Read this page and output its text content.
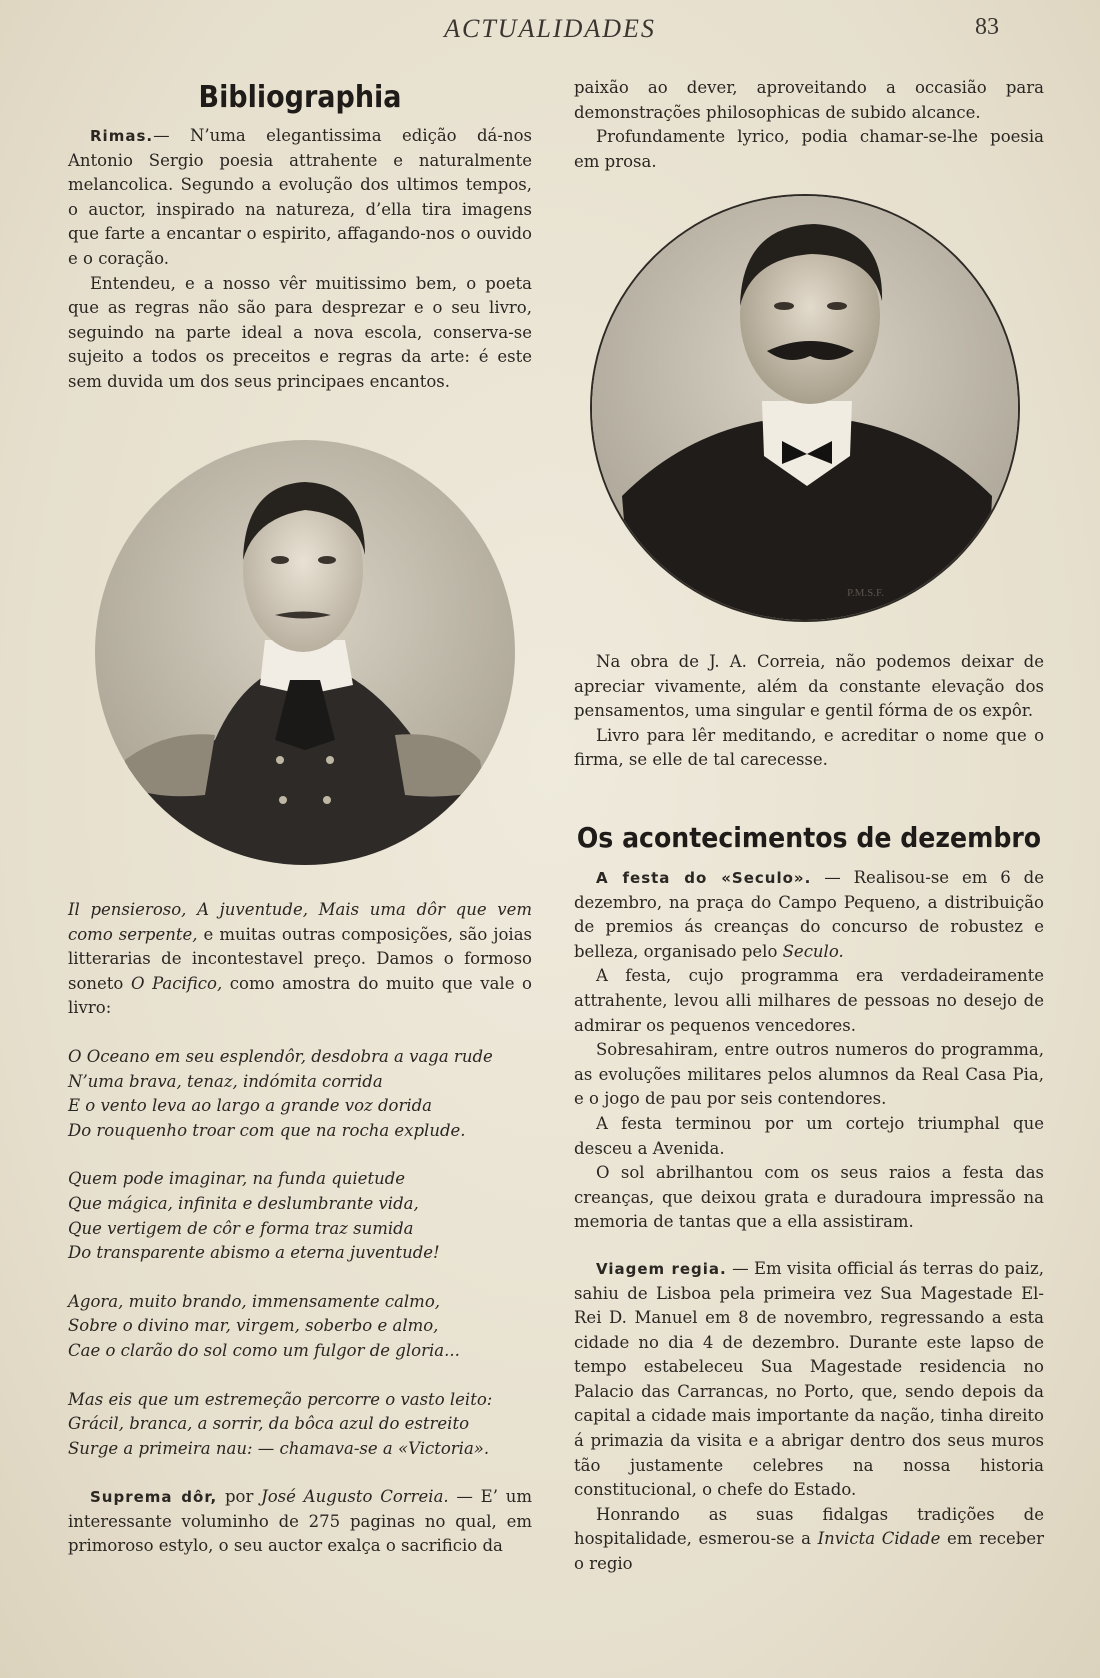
ACTUALIDADES	83
Bibliographia

Rimas.— N’uma elegantissima edição dá-nos Antonio Sergio poesia attrahente e naturalmente melancolica. Segundo a evolução dos ultimos tempos, o auctor, inspirado na natureza, d’ella tira imagens que farte a encantar o espirito, affagando-nos o ouvido e o coração.

Entendeu, e a nosso vêr muitissimo bem, o poeta que as regras não são para desprezar e o seu livro, seguindo na parte ideal a nova escola, conserva-se sujeito a todos os preceitos e regras da arte: é este sem duvida um dos seus principaes encantos.

Il pensieroso, A juventude, Mais uma dôr que vem como serpente, e muitas outras composições, são joias litterarias de incontestavel preço. Damos o formoso soneto O Pacifico, como amostra do muito que vale o livro:

O Oceano em seu esplendôr, desdobra a vaga rude
N’uma brava, tenaz, indómita corrida
E o vento leva ao largo a grande voz dorida
Do rouquenho troar com que na rocha explude.
Quem pode imaginar, na funda quietude
Que mágica, infinita e deslumbrante vida,
Que vertigem de côr e forma traz sumida
Do transparente abismo a eterna juventude!
Agora, muito brando, immensamente calmo,
Sobre o divino mar, virgem, soberbo e almo,
Cae o clarão do sol como um fulgor de gloria...
Mas eis que um estremeção percorre o vasto leito:
Grácil, branca, a sorrir, da bôca azul do estreito
Surge a primeira nau: — chamava-se a «Victoria».

Suprema dôr, por José Augusto Correia. — E’ um interessante voluminho de 275 paginas no qual, em primoroso estylo, o seu auctor exalça o sacrificio da

paixão ao dever, aproveitando a occasião para demonstrações philosophicas de subido alcance.

Profundamente lyrico, podia chamar-se-lhe poesia em prosa.

P.M.S.F.

Na obra de J. A. Correia, não podemos deixar de apreciar vivamente, além da constante elevação dos pensamentos, uma singular e gentil fórma de os expôr.

Livro para lêr meditando, e acreditar o nome que o firma, se elle de tal carecesse.

Os acontecimentos de dezembro

A festa do «Seculo». — Realisou-se em 6 de dezembro, na praça do Campo Pequeno, a distribuição de premios ás creanças do concurso de robustez e belleza, organisado pelo Seculo.

A festa, cujo programma era verdadeiramente attrahente, levou alli milhares de pessoas no desejo de admirar os pequenos vencedores.

Sobresahiram, entre outros numeros do programma, as evoluções militares pelos alumnos da Real Casa Pia, e o jogo de pau por seis contendores.

A festa terminou por um cortejo triumphal que desceu a Avenida.

O sol abrilhantou com os seus raios a festa das creanças, que deixou grata e duradoura impressão na memoria de tantas que a ella assistiram.

Viagem regia. — Em visita official ás terras do paiz, sahiu de Lisboa pela primeira vez Sua Magestade El-Rei D. Manuel em 8 de novembro, regressando a esta cidade no dia 4 de dezembro. Durante este lapso de tempo estabeleceu Sua Magestade residencia no Palacio das Carrancas, no Porto, que, sendo depois da capital a cidade mais importante da nação, tinha direito á primazia da visita e a abrigar dentro dos seus muros tão justamente celebres na nossa historia constitucional, o chefe do Estado.

Honrando as suas fidalgas tradições de hospitalidade, esmerou-se a Invicta Cidade em receber o regio
